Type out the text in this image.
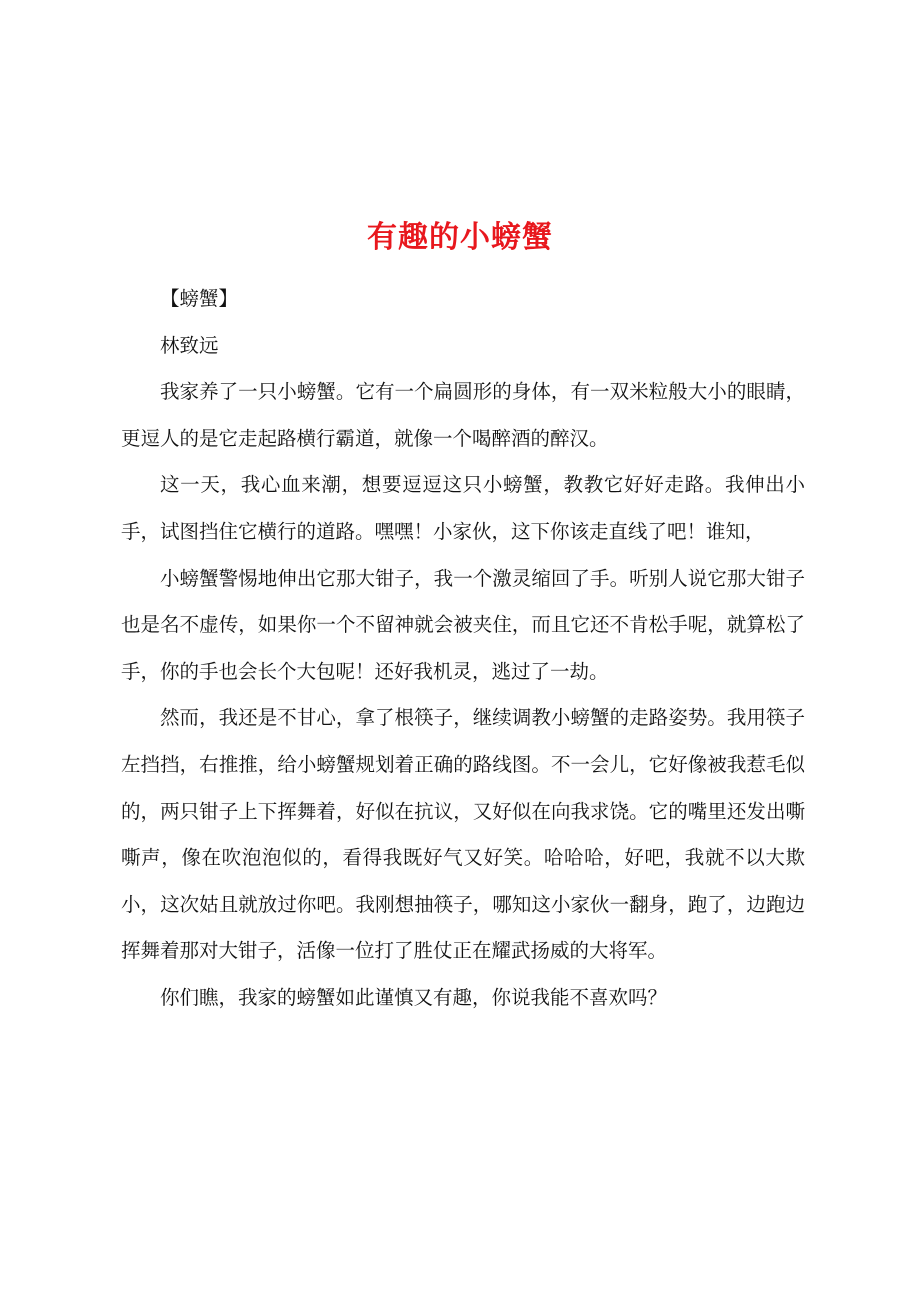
有趣的小螃蟹

【螃蟹】

林致远

我家养了一只小螃蟹。它有一个扁圆形的身体，有一双米粒般大小的眼睛，更逗人的是它走起路横行霸道，就像一个喝醉酒的醉汉。

这一天，我心血来潮，想要逗逗这只小螃蟹，教教它好好走路。我伸出小手，试图挡住它横行的道路。嘿嘿！小家伙，这下你该走直线了吧！谁知，

小螃蟹警惕地伸出它那大钳子，我一个激灵缩回了手。听别人说它那大钳子也是名不虚传，如果你一个不留神就会被夹住，而且它还不肯松手呢，就算松了手，你的手也会长个大包呢！还好我机灵，逃过了一劫。

然而，我还是不甘心，拿了根筷子，继续调教小螃蟹的走路姿势。我用筷子左挡挡，右推推，给小螃蟹规划着正确的路线图。不一会儿，它好像被我惹毛似的，两只钳子上下挥舞着，好似在抗议，又好似在向我求饶。它的嘴里还发出嘶嘶声，像在吹泡泡似的，看得我既好气又好笑。哈哈哈，好吧，我就不以大欺小，这次姑且就放过你吧。我刚想抽筷子，哪知这小家伙一翻身，跑了，边跑边挥舞着那对大钳子，活像一位打了胜仗正在耀武扬威的大将军。

你们瞧，我家的螃蟹如此谨慎又有趣，你说我能不喜欢吗？
